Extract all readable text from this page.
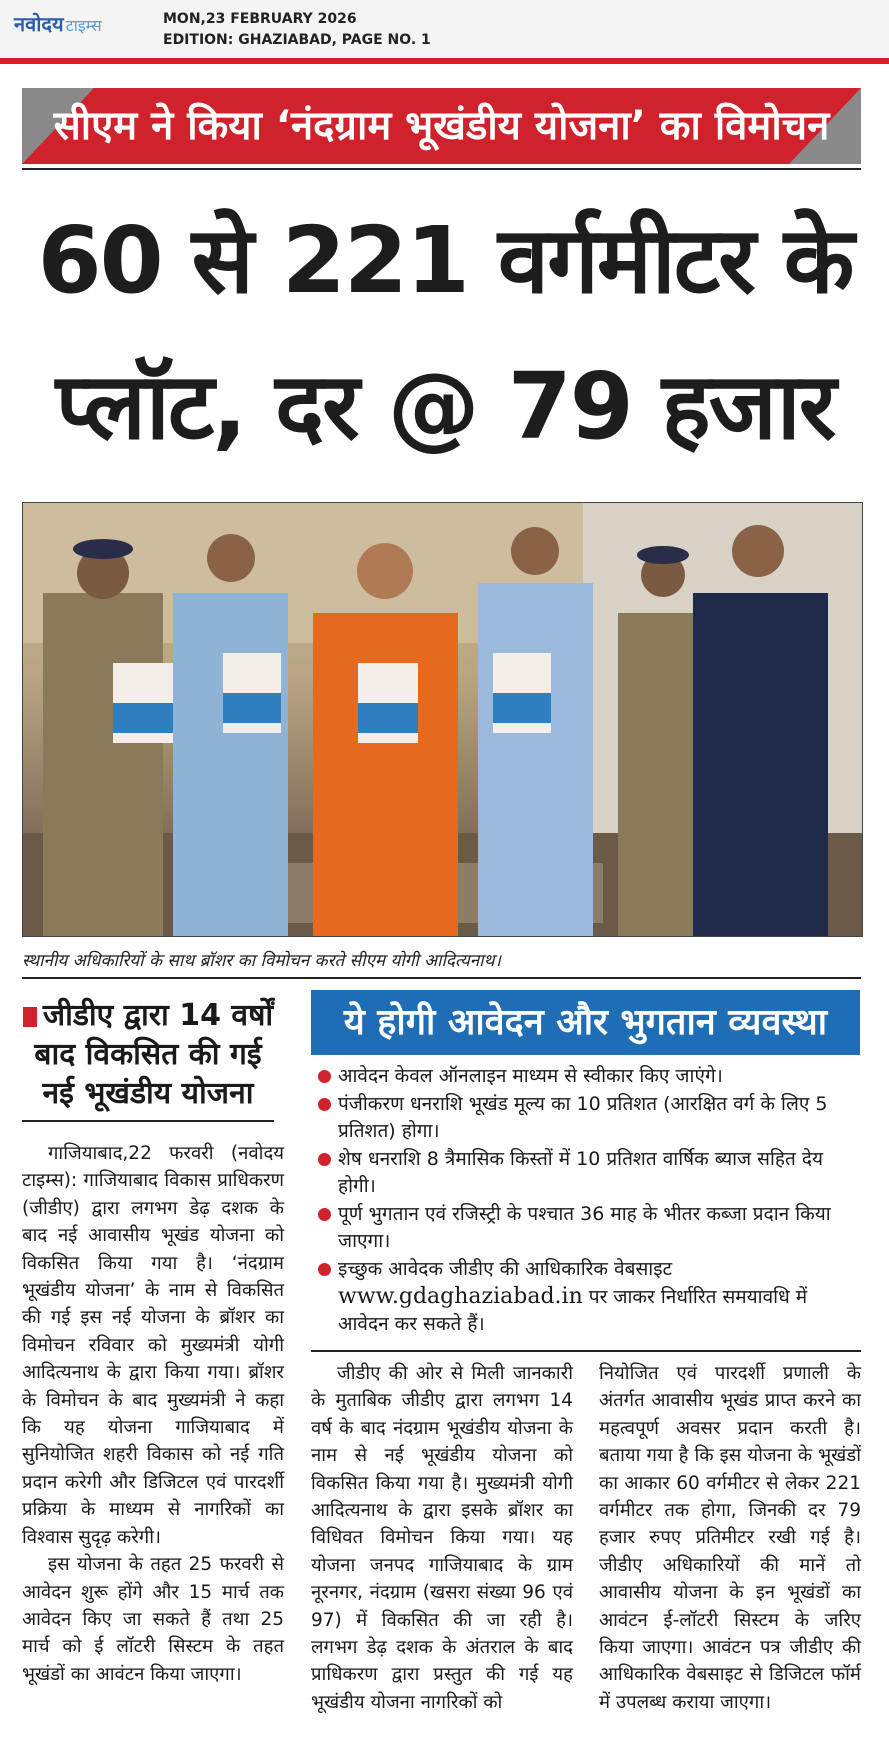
नवोदय टाइम्स	MON,23 FEBRUARY 2026
EDITION: GHAZIABAD, PAGE NO. 1
सीएम ने किया ‘नंदग्राम भूखंडीय योजना’ का विमोचन
60 से 221 वर्गमीटर के
प्लॉट, दर @ 79 हजार
स्थानीय अधिकारियों के साथ ब्रॉशर का विमोचन करते सीएम योगी आदित्यनाथ।
जीडीए द्वारा 14 वर्षों
बाद विकसित की गई
नई भूखंडीय योजना
ये होगी आवेदन और भुगतान व्यवस्था
आवेदन केवल ऑनलाइन माध्यम से स्वीकार किए जाएंगे।
पंजीकरण धनराशि भूखंड मूल्य का 10 प्रतिशत (आरक्षित वर्ग के लिए 5 प्रतिशत) होगा।
शेष धनराशि 8 त्रैमासिक किस्तों में 10 प्रतिशत वार्षिक ब्याज सहित देय होगी।
पूर्ण भुगतान एवं रजिस्ट्री के पश्चात 36 माह के भीतर कब्जा प्रदान किया जाएगा।
इच्छुक आवेदक जीडीए की आधिकारिक वेबसाइट www.gdaghaziabad.in पर जाकर निर्धारित समयावधि में आवेदन कर सकते हैं।

गाजियाबाद,22 फरवरी (नवोदय टाइम्स): गाजियाबाद विकास प्राधिकरण (जीडीए) द्वारा लगभग डेढ़ दशक के बाद नई आवासीय भूखंड योजना को विकसित किया गया है। ‘नंदग्राम भूखंडीय योजना’ के नाम से विकसित की गई इस नई योजना के ब्रॉशर का विमोचन रविवार को मुख्यमंत्री योगी आदित्यनाथ के द्वारा किया गया। ब्रॉशर के विमोचन के बाद मुख्यमंत्री ने कहा कि यह योजना गाजियाबाद में सुनियोजित शहरी विकास को नई गति प्रदान करेगी और डिजिटल एवं पारदर्शी प्रक्रिया के माध्यम से नागरिकों का विश्वास सुदृढ़ करेगी।

इस योजना के तहत 25 फरवरी से आवेदन शुरू होंगे और 15 मार्च तक आवेदन किए जा सकते हैं तथा 25 मार्च को ई लॉटरी सिस्टम के तहत भूखंडों का आवंटन किया जाएगा।

जीडीए की ओर से मिली जानकारी के मुताबिक जीडीए द्वारा लगभग 14 वर्ष के बाद नंदग्राम भूखंडीय योजना के नाम से नई भूखंडीय योजना को विकसित किया गया है। मुख्यमंत्री योगी आदित्यनाथ के द्वारा इसके ब्रॉशर का विधिवत विमोचन किया गया। यह योजना जनपद गाजियाबाद के ग्राम नूरनगर, नंदग्राम (खसरा संख्या 96 एवं 97) में विकसित की जा रही है। लगभग डेढ़ दशक के अंतराल के बाद प्राधिकरण द्वारा प्रस्तुत की गई यह भूखंडीय योजना नागरिकों को

नियोजित एवं पारदर्शी प्रणाली के अंतर्गत आवासीय भूखंड प्राप्त करने का महत्वपूर्ण अवसर प्रदान करती है। बताया गया है कि इस योजना के भूखंडों का आकार 60 वर्गमीटर से लेकर 221 वर्गमीटर तक होगा, जिनकी दर 79 हजार रुपए प्रतिमीटर रखी गई है। जीडीए अधिकारियों की मानें तो आवासीय योजना के इन भूखंडों का आवंटन ई-लॉटरी सिस्टम के जरिए किया जाएगा। आवंटन पत्र जीडीए की आधिकारिक वेबसाइट से डिजिटल फॉर्म में उपलब्ध कराया जाएगा।
